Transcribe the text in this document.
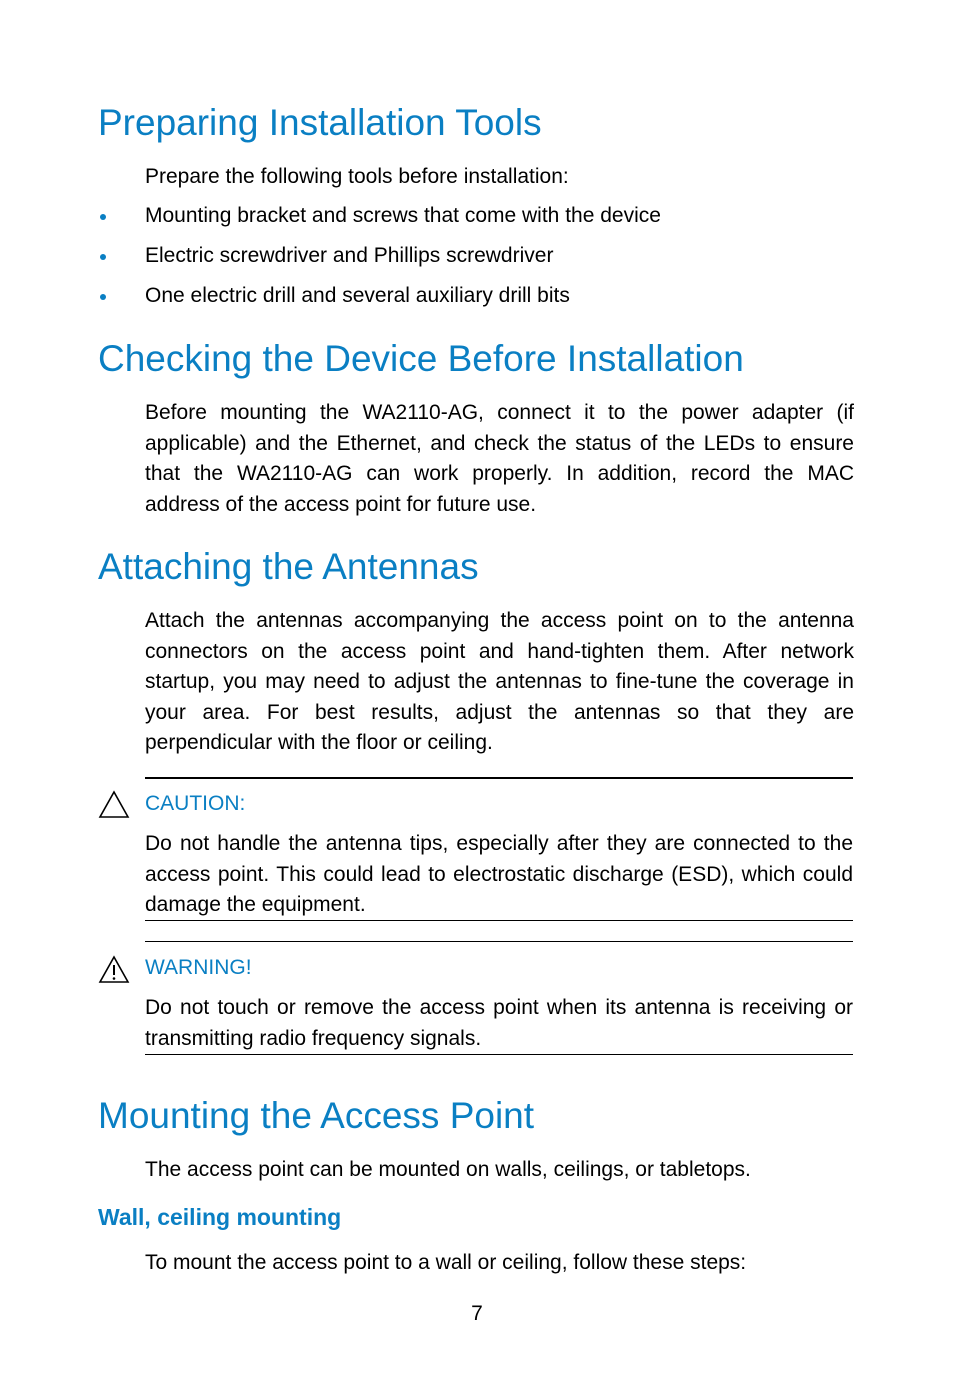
Preparing Installation Tools

Prepare the following tools before installation:

Mounting bracket and screws that come with the device

Electric screwdriver and Phillips screwdriver

One electric drill and several auxiliary drill bits

Checking the Device Before Installation

Before mounting the WA2110-AG, connect it to the power adapter (if applicable) and the Ethernet, and check the status of the LEDs to ensure that the WA2110-AG can work properly. In addition, record the MAC address of the access point for future use.

Attaching the Antennas

Attach the antennas accompanying the access point on to the antenna connectors on the access point and hand-tighten them. After network startup, you may need to adjust the antennas to fine-tune the coverage in your area. For best results, adjust the antennas so that they are perpendicular with the floor or ceiling.

CAUTION:

Do not handle the antenna tips, especially after they are connected to the access point. This could lead to electrostatic discharge (ESD), which could damage the equipment.

WARNING!

Do not touch or remove the access point when its antenna is receiving or transmitting radio frequency signals.

Mounting the Access Point

The access point can be mounted on walls, ceilings, or tabletops.

Wall, ceiling mounting

To mount the access point to a wall or ceiling, follow these steps:

7
